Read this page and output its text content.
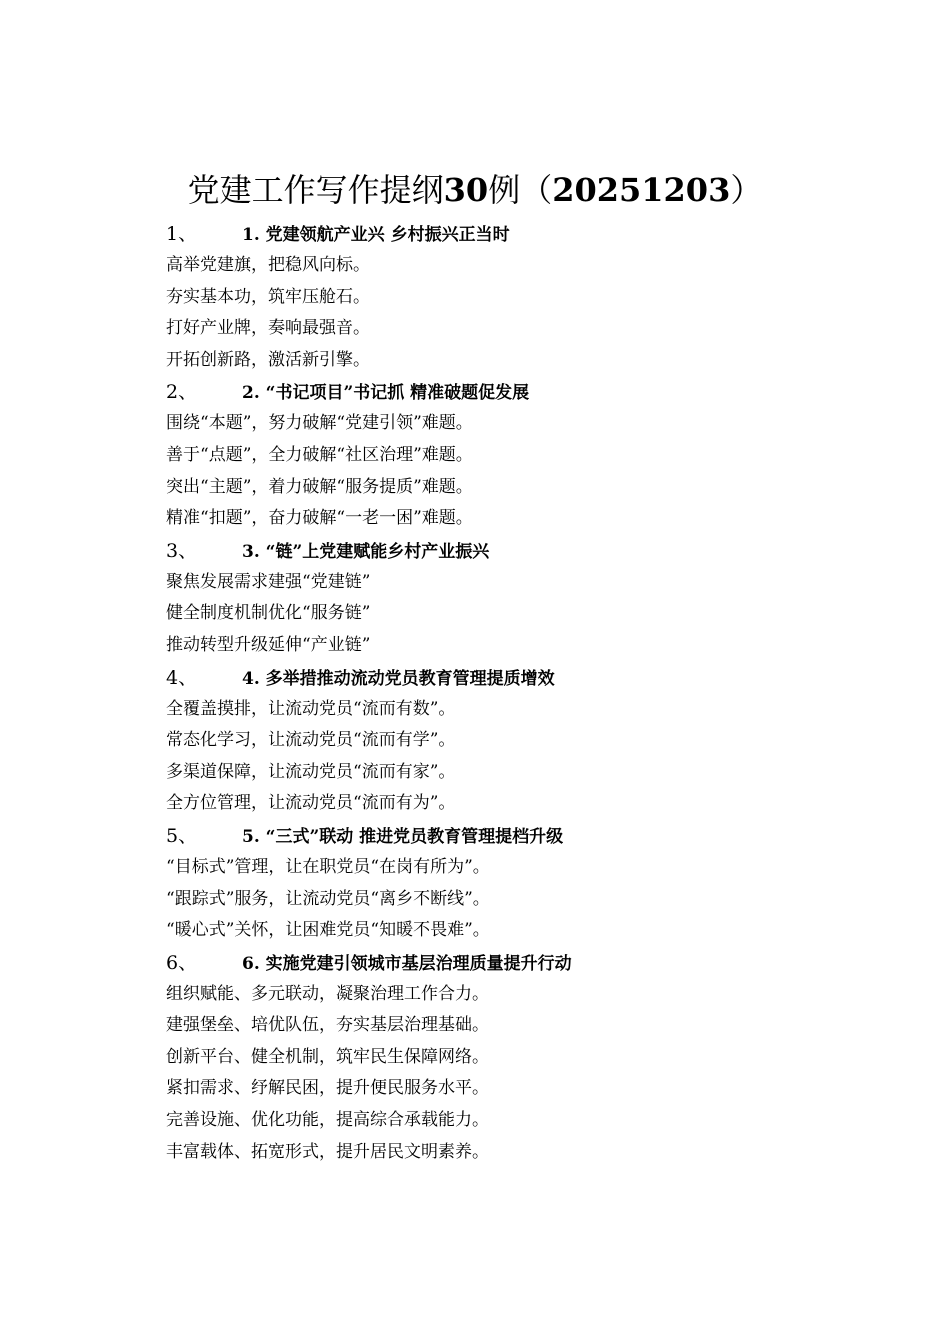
党建工作写作提纲30例（20251203）
1、	1. 党建领航产业兴 乡村振兴正当时
高举党建旗，把稳风向标。
夯实基本功，筑牢压舱石。
打好产业牌，奏响最强音。
开拓创新路，激活新引擎。
2、	2. “书记项目”书记抓 精准破题促发展
围绕“本题”，努力破解“党建引领”难题。
善于“点题”，全力破解“社区治理”难题。
突出“主题”，着力破解“服务提质”难题。
精准“扣题”，奋力破解“一老一困”难题。
3、	3. “链”上党建赋能乡村产业振兴
聚焦发展需求建强“党建链”
健全制度机制优化“服务链”
推动转型升级延伸“产业链”
4、	4. 多举措推动流动党员教育管理提质增效
全覆盖摸排，让流动党员“流而有数”。
常态化学习，让流动党员“流而有学”。
多渠道保障，让流动党员“流而有家”。
全方位管理，让流动党员“流而有为”。
5、	5. “三式”联动 推进党员教育管理提档升级
“目标式”管理，让在职党员“在岗有所为”。
“跟踪式”服务，让流动党员“离乡不断线”。
“暖心式”关怀，让困难党员“知暖不畏难”。
6、	6. 实施党建引领城市基层治理质量提升行动
组织赋能、多元联动，凝聚治理工作合力。
建强堡垒、培优队伍，夯实基层治理基础。
创新平台、健全机制，筑牢民生保障网络。
紧扣需求、纾解民困，提升便民服务水平。
完善设施、优化功能，提高综合承载能力。
丰富载体、拓宽形式，提升居民文明素养。
